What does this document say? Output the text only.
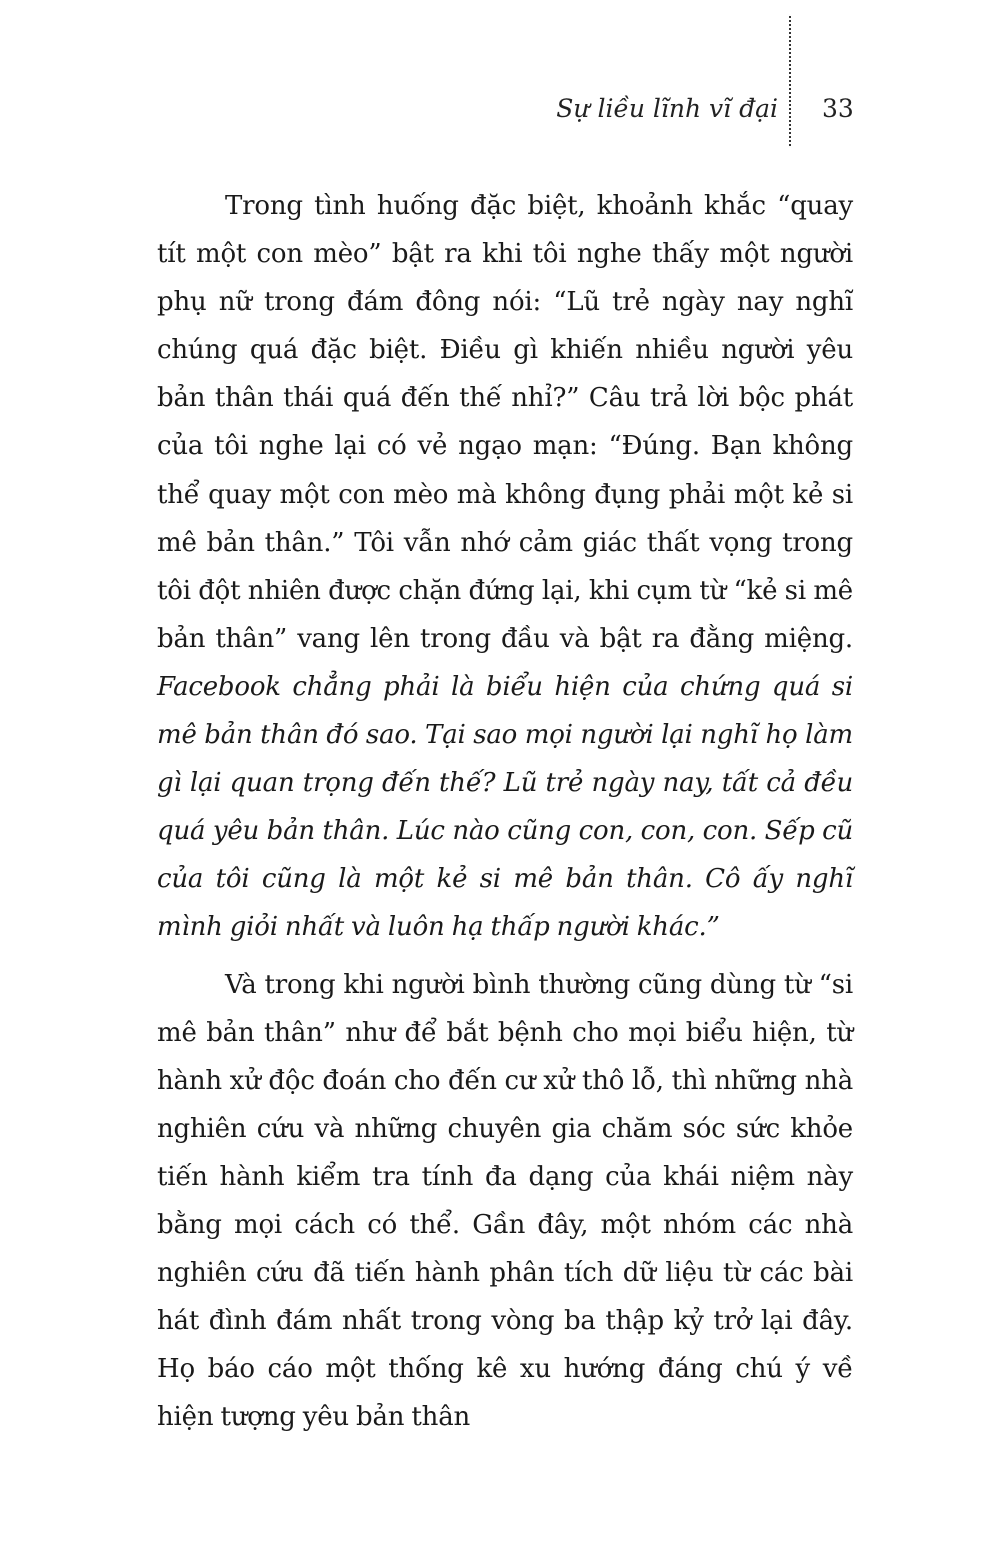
Sự liều lĩnh vĩ đại 33

Trong tình huống đặc biệt, khoảnh khắc “quay tít một con mèo” bật ra khi tôi nghe thấy một người phụ nữ trong đám đông nói: “Lũ trẻ ngày nay nghĩ chúng quá đặc biệt. Điều gì khiến nhiều người yêu bản thân thái quá đến thế nhỉ?” Câu trả lời bộc phát của tôi nghe lại có vẻ ngạo mạn: “Đúng. Bạn không thể quay một con mèo mà không đụng phải một kẻ si mê bản thân.” Tôi vẫn nhớ cảm giác thất vọng trong tôi đột nhiên được chặn đứng lại, khi cụm từ “kẻ si mê bản thân” vang lên trong đầu và bật ra đằng miệng. Facebook chẳng phải là biểu hiện của chứng quá si mê bản thân đó sao. Tại sao mọi người lại nghĩ họ làm gì lại quan trọng đến thế? Lũ trẻ ngày nay, tất cả đều quá yêu bản thân. Lúc nào cũng con, con, con. Sếp cũ của tôi cũng là một kẻ si mê bản thân. Cô ấy nghĩ mình giỏi nhất và luôn hạ thấp người khác.”

Và trong khi người bình thường cũng dùng từ “si mê bản thân” như để bắt bệnh cho mọi biểu hiện, từ hành xử độc đoán cho đến cư xử thô lỗ, thì những nhà nghiên cứu và những chuyên gia chăm sóc sức khỏe tiến hành kiểm tra tính đa dạng của khái niệm này bằng mọi cách có thể. Gần đây, một nhóm các nhà nghiên cứu đã tiến hành phân tích dữ liệu từ các bài hát đình đám nhất trong vòng ba thập kỷ trở lại đây. Họ báo cáo một thống kê xu hướng đáng chú ý về hiện tượng yêu bản thân
